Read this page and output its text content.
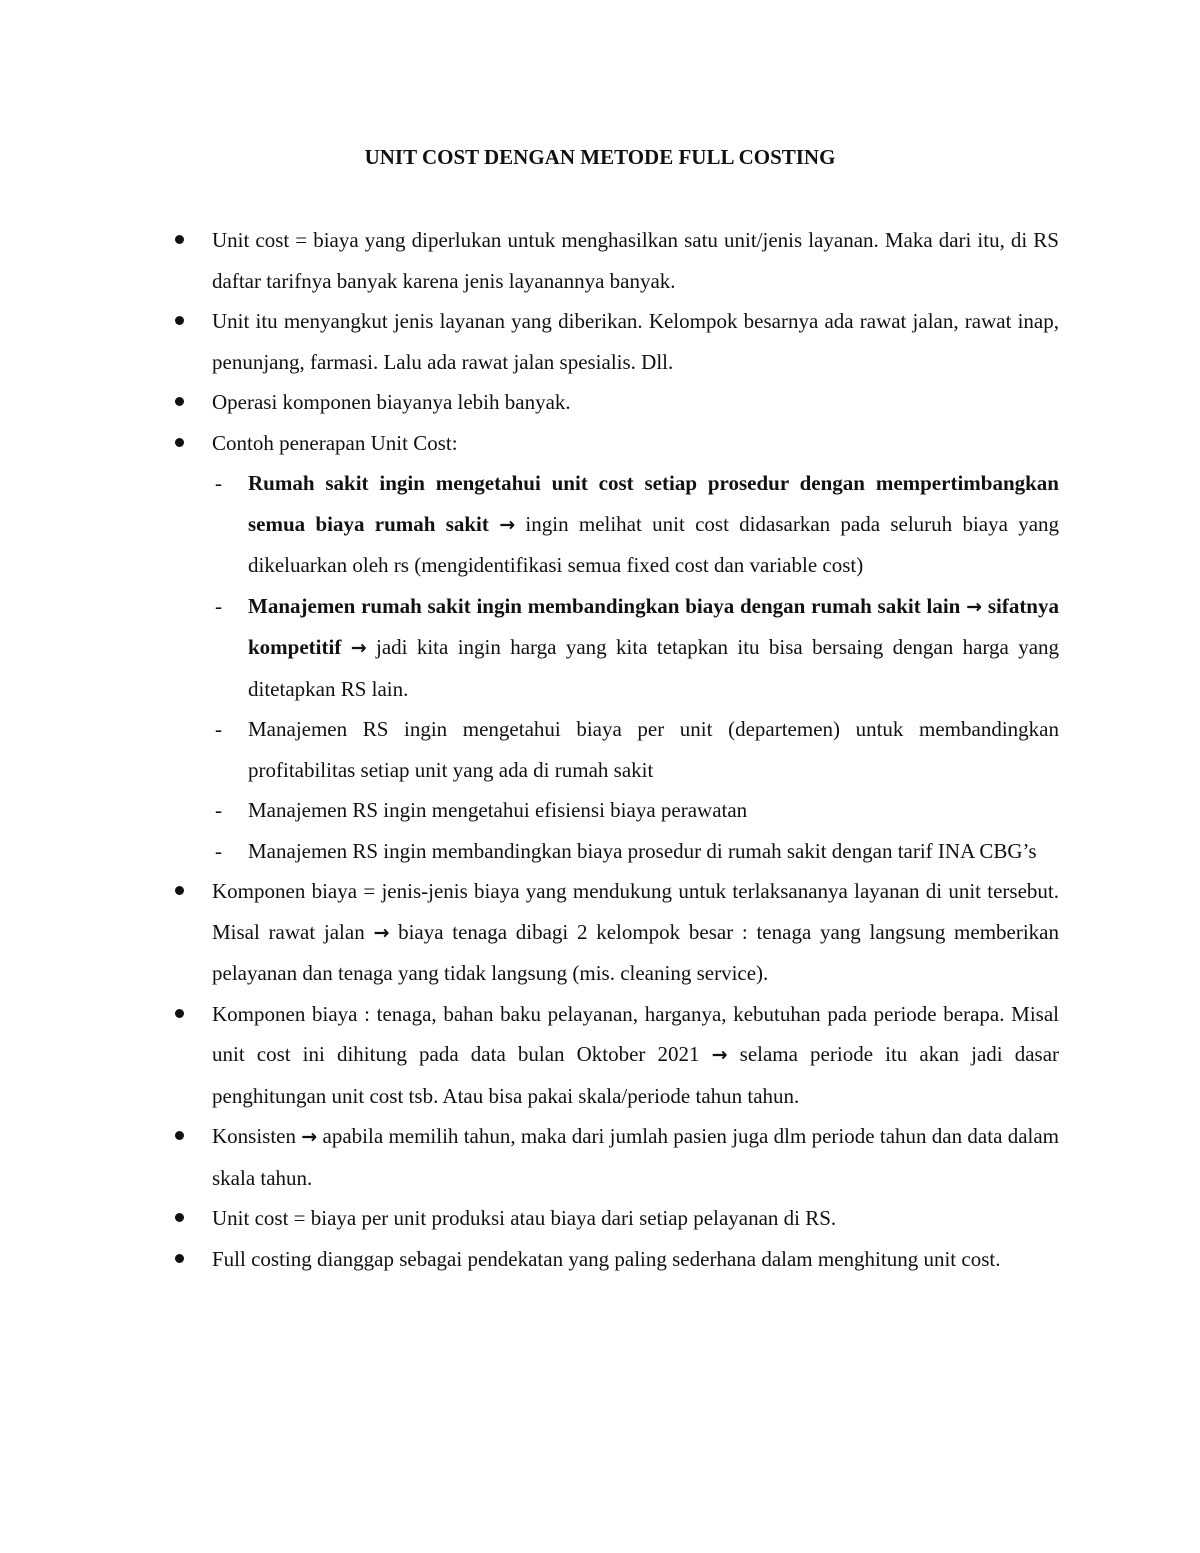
UNIT COST DENGAN METODE FULL COSTING

Unit cost = biaya yang diperlukan untuk menghasilkan satu unit/jenis layanan. Maka dari itu, di RS daftar tarifnya banyak karena jenis layanannya banyak.

Unit itu menyangkut jenis layanan yang diberikan. Kelompok besarnya ada rawat jalan, rawat inap, penunjang, farmasi. Lalu ada rawat jalan spesialis. Dll.

Operasi komponen biayanya lebih banyak.

Contoh penerapan Unit Cost:

- Rumah sakit ingin mengetahui unit cost setiap prosedur dengan mempertimbangkan semua biaya rumah sakit → ingin melihat unit cost didasarkan pada seluruh biaya yang dikeluarkan oleh rs (mengidentifikasi semua fixed cost dan variable cost)

- Manajemen rumah sakit ingin membandingkan biaya dengan rumah sakit lain → sifatnya kompetitif → jadi kita ingin harga yang kita tetapkan itu bisa bersaing dengan harga yang ditetapkan RS lain.

- Manajemen RS ingin mengetahui biaya per unit (departemen) untuk membandingkan profitabilitas setiap unit yang ada di rumah sakit

- Manajemen RS ingin mengetahui efisiensi biaya perawatan

- Manajemen RS ingin membandingkan biaya prosedur di rumah sakit dengan tarif INA CBG’s

Komponen biaya = jenis-jenis biaya yang mendukung untuk terlaksananya layanan di unit tersebut. Misal rawat jalan → biaya tenaga dibagi 2 kelompok besar : tenaga yang langsung memberikan pelayanan dan tenaga yang tidak langsung (mis. cleaning service).

Komponen biaya : tenaga, bahan baku pelayanan, harganya, kebutuhan pada periode berapa. Misal unit cost ini dihitung pada data bulan Oktober 2021 → selama periode itu akan jadi dasar penghitungan unit cost tsb. Atau bisa pakai skala/periode tahun tahun.

Konsisten → apabila memilih tahun, maka dari jumlah pasien juga dlm periode tahun dan data dalam skala tahun.

Unit cost = biaya per unit produksi atau biaya dari setiap pelayanan di RS.

Full costing dianggap sebagai pendekatan yang paling sederhana dalam menghitung unit cost.
